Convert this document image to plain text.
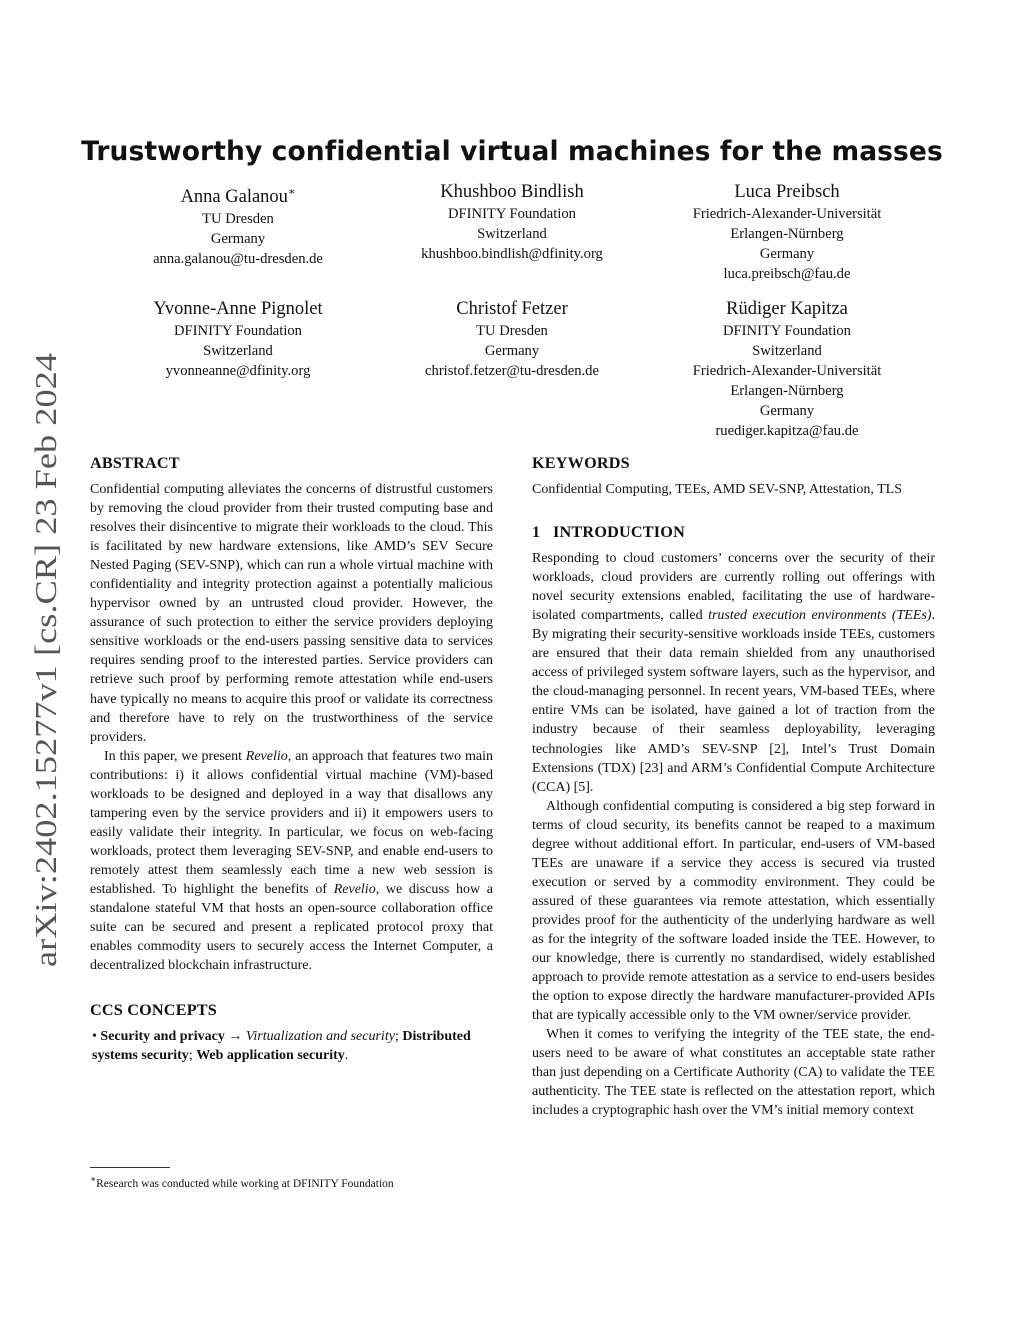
arXiv:2402.15277v1 [cs.CR] 23 Feb 2024
Trustworthy confidential virtual machines for the masses
Anna Galanou∗
TU Dresden
Germany
anna.galanou@tu-dresden.de
Khushboo Bindlish
DFINITY Foundation
Switzerland
khushboo.bindlish@dfinity.org
Luca Preibsch
Friedrich-Alexander-Universität
Erlangen-Nürnberg
Germany
luca.preibsch@fau.de
Yvonne-Anne Pignolet
DFINITY Foundation
Switzerland
yvonneanne@dfinity.org
Christof Fetzer
TU Dresden
Germany
christof.fetzer@tu-dresden.de
Rüdiger Kapitza
DFINITY Foundation
Switzerland
Friedrich-Alexander-Universität
Erlangen-Nürnberg
Germany
ruediger.kapitza@fau.de
ABSTRACT

Confidential computing alleviates the concerns of distrustful customers by removing the cloud provider from their trusted computing base and resolves their disincentive to migrate their workloads to the cloud. This is facilitated by new hardware extensions, like AMD’s SEV Secure Nested Paging (SEV-SNP), which can run a whole virtual machine with confidentiality and integrity protection against a potentially malicious hypervisor owned by an untrusted cloud provider. However, the assurance of such protection to either the service providers deploying sensitive workloads or the end-users passing sensitive data to services requires sending proof to the interested parties. Service providers can retrieve such proof by performing remote attestation while end-users have typically no means to acquire this proof or validate its correctness and therefore have to rely on the trustworthiness of the service providers.

In this paper, we present Revelio, an approach that features two main contributions: i) it allows confidential virtual machine (VM)-based workloads to be designed and deployed in a way that disallows any tampering even by the service providers and ii) it empowers users to easily validate their integrity. In particular, we focus on web-facing workloads, protect them leveraging SEV-SNP, and enable end-users to remotely attest them seamlessly each time a new web session is established. To highlight the benefits of Revelio, we discuss how a standalone stateful VM that hosts an open-source collaboration office suite can be secured and present a replicated protocol proxy that enables commodity users to securely access the Internet Computer, a decentralized blockchain infrastructure.

CCS CONCEPTS

• Security and privacy → Virtualization and security; Distributed systems security; Web application security.

∗Research was conducted while working at DFINITY Foundation
KEYWORDS

Confidential Computing, TEEs, AMD SEV-SNP, Attestation, TLS

1 INTRODUCTION

Responding to cloud customers’ concerns over the security of their workloads, cloud providers are currently rolling out offerings with novel security extensions enabled, facilitating the use of hardware-isolated compartments, called trusted execution environments (TEEs). By migrating their security-sensitive workloads inside TEEs, customers are ensured that their data remain shielded from any unauthorised access of privileged system software layers, such as the hypervisor, and the cloud-managing personnel. In recent years, VM-based TEEs, where entire VMs can be isolated, have gained a lot of traction from the industry because of their seamless deployability, leveraging technologies like AMD’s SEV-SNP [2], Intel’s Trust Domain Extensions (TDX) [23] and ARM’s Confidential Compute Architecture (CCA) [5].

Although confidential computing is considered a big step forward in terms of cloud security, its benefits cannot be reaped to a maximum degree without additional effort. In particular, end-users of VM-based TEEs are unaware if a service they access is secured via trusted execution or served by a commodity environment. They could be assured of these guarantees via remote attestation, which essentially provides proof for the authenticity of the underlying hardware as well as for the integrity of the software loaded inside the TEE. However, to our knowledge, there is currently no standardised, widely established approach to provide remote attestation as a service to end-users besides the option to expose directly the hardware manufacturer-provided APIs that are typically accessible only to the VM owner/service provider.

When it comes to verifying the integrity of the TEE state, the end-users need to be aware of what constitutes an acceptable state rather than just depending on a Certificate Authority (CA) to validate the TEE authenticity. The TEE state is reflected on the attestation report, which includes a cryptographic hash over the VM’s initial memory context
